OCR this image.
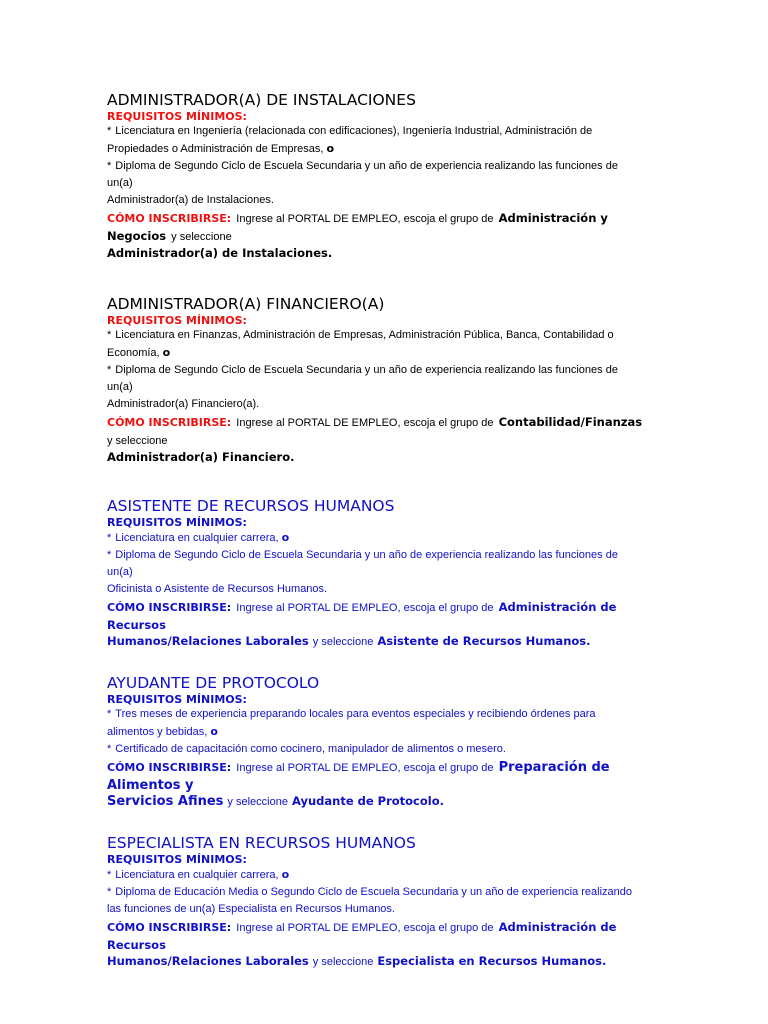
ADMINISTRADOR(A) DE INSTALACIONES
REQUISITOS MÍNIMOS:
* Licenciatura en Ingeniería (relacionada con edificaciones), Ingeniería Industrial, Administración de
Propiedades o Administración de Empresas, o
* Diploma de Segundo Ciclo de Escuela Secundaria y un año de experiencia realizando las funciones de
un(a)
Administrador(a) de Instalaciones.
CÓMO INSCRIBIRSE: Ingrese al PORTAL DE EMPLEO, escoja el grupo de Administración y Negocios y seleccione
Administrador(a) de Instalaciones.
ADMINISTRADOR(A) FINANCIERO(A)
REQUISITOS MÍNIMOS:
* Licenciatura en Finanzas, Administración de Empresas, Administración Pública, Banca, Contabilidad o
Economía, o
* Diploma de Segundo Ciclo de Escuela Secundaria y un año de experiencia realizando las funciones de
un(a)
Administrador(a) Financiero(a).
CÓMO INSCRIBIRSE: Ingrese al PORTAL DE EMPLEO, escoja el grupo de Contabilidad/Finanzas y seleccione
Administrador(a) Financiero.
ASISTENTE DE RECURSOS HUMANOS
REQUISITOS MÍNIMOS:
* Licenciatura en cualquier carrera, o
* Diploma de Segundo Ciclo de Escuela Secundaria y un año de experiencia realizando las funciones de
un(a)
Oficinista o Asistente de Recursos Humanos.
CÓMO INSCRIBIRSE: Ingrese al PORTAL DE EMPLEO, escoja el grupo de Administración de Recursos
Humanos/Relaciones Laborales y seleccione Asistente de Recursos Humanos.
AYUDANTE DE PROTOCOLO
REQUISITOS MÍNIMOS:
* Tres meses de experiencia preparando locales para eventos especiales y recibiendo órdenes para
alimentos y bebidas, o
* Certificado de capacitación como cocinero, manipulador de alimentos o mesero.
CÓMO INSCRIBIRSE: Ingrese al PORTAL DE EMPLEO, escoja el grupo de Preparación de Alimentos y
Servicios Afines y seleccione Ayudante de Protocolo.
ESPECIALISTA EN RECURSOS HUMANOS
REQUISITOS MÍNIMOS:
* Licenciatura en cualquier carrera, o
* Diploma de Educación Media o Segundo Ciclo de Escuela Secundaria y un año de experiencia realizando
las funciones de un(a) Especialista en Recursos Humanos.
CÓMO INSCRIBIRSE: Ingrese al PORTAL DE EMPLEO, escoja el grupo de Administración de Recursos
Humanos/Relaciones Laborales y seleccione Especialista en Recursos Humanos.
